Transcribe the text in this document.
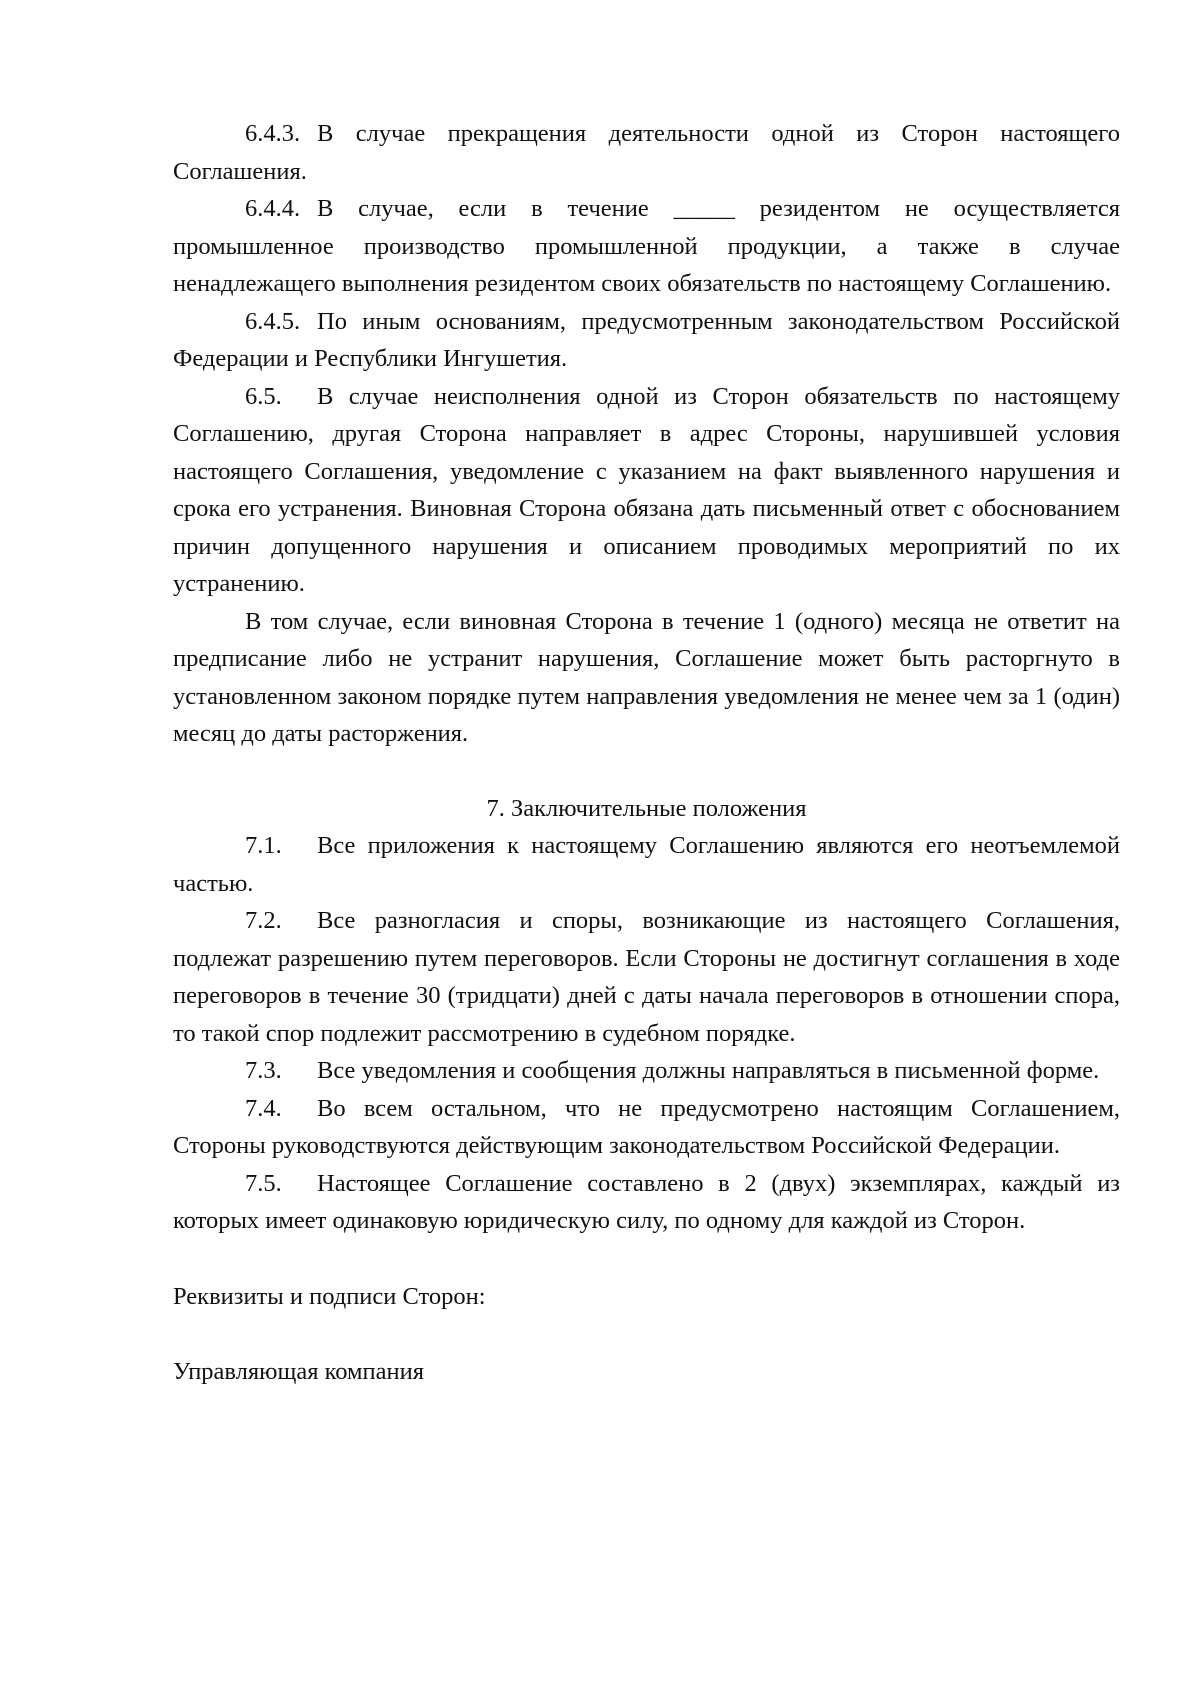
6.4.3. В случае прекращения деятельности одной из Сторон настоящего Соглашения.

6.4.4. В случае, если в течение _____ резидентом не осуществляется промышленное производство промышленной продукции, а также в случае ненадлежащего выполнения резидентом своих обязательств по настоящему Соглашению.

6.4.5. По иным основаниям, предусмотренным законодательством Российской Федерации и Республики Ингушетия.

6.5. В случае неисполнения одной из Сторон обязательств по настоящему Соглашению, другая Сторона направляет в адрес Стороны, нарушившей условия настоящего Соглашения, уведомление с указанием на факт выявленного нарушения и срока его устранения. Виновная Сторона обязана дать письменный ответ с обоснованием причин допущенного нарушения и описанием проводимых мероприятий по их устранению.

В том случае, если виновная Сторона в течение 1 (одного) месяца не ответит на предписание либо не устранит нарушения, Соглашение может быть расторгнуто в установленном законом порядке путем направления уведомления не менее чем за 1 (один) месяц до даты расторжения.

7. Заключительные положения

7.1. Все приложения к настоящему Соглашению являются его неотъемлемой частью.

7.2. Все разногласия и споры, возникающие из настоящего Соглашения, подлежат разрешению путем переговоров. Если Стороны не достигнут соглашения в ходе переговоров в течение 30 (тридцати) дней с даты начала переговоров в отношении спора, то такой спор подлежит рассмотрению в судебном порядке.

7.3. Все уведомления и сообщения должны направляться в письменной форме.

7.4. Во всем остальном, что не предусмотрено настоящим Соглашением, Стороны руководствуются действующим законодательством Российской Федерации.

7.5. Настоящее Соглашение составлено в 2 (двух) экземплярах, каждый из которых имеет одинаковую юридическую силу, по одному для каждой из Сторон.

Реквизиты и подписи Сторон:

Управляющая компания
